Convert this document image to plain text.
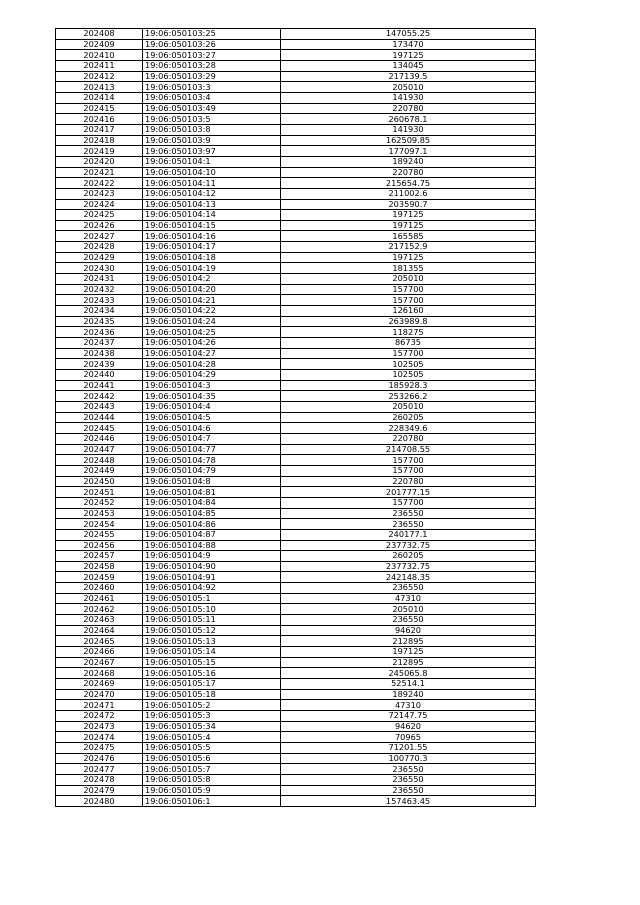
202408	19:06:050103:25	147055.25
202409	19:06:050103:26	173470
202410	19:06:050103:27	197125
202411	19:06:050103:28	134045
202412	19:06:050103:29	217139.5
202413	19:06:050103:3	205010
202414	19:06:050103:4	141930
202415	19:06:050103:49	220780
202416	19:06:050103:5	260678.1
202417	19:06:050103:8	141930
202418	19:06:050103:9	162509.85
202419	19:06:050103:97	177097.1
202420	19:06:050104:1	189240
202421	19:06:050104:10	220780
202422	19:06:050104:11	215654.75
202423	19:06:050104:12	211002.6
202424	19:06:050104:13	203590.7
202425	19:06:050104:14	197125
202426	19:06:050104:15	197125
202427	19:06:050104:16	165585
202428	19:06:050104:17	217152.9
202429	19:06:050104:18	197125
202430	19:06:050104:19	181355
202431	19:06:050104:2	205010
202432	19:06:050104:20	157700
202433	19:06:050104:21	157700
202434	19:06:050104:22	126160
202435	19:06:050104:24	263989.8
202436	19:06:050104:25	118275
202437	19:06:050104:26	86735
202438	19:06:050104:27	157700
202439	19:06:050104:28	102505
202440	19:06:050104:29	102505
202441	19:06:050104:3	185928.3
202442	19:06:050104:35	253266.2
202443	19:06:050104:4	205010
202444	19:06:050104:5	260205
202445	19:06:050104:6	228349.6
202446	19:06:050104:7	220780
202447	19:06:050104:77	214708.55
202448	19:06:050104:78	157700
202449	19:06:050104:79	157700
202450	19:06:050104:8	220780
202451	19:06:050104:81	201777.15
202452	19:06:050104:84	157700
202453	19:06:050104:85	236550
202454	19:06:050104:86	236550
202455	19:06:050104:87	240177.1
202456	19:06:050104:88	237732.75
202457	19:06:050104:9	260205
202458	19:06:050104:90	237732.75
202459	19:06:050104:91	242148.35
202460	19:06:050104:92	236550
202461	19:06:050105:1	47310
202462	19:06:050105:10	205010
202463	19:06:050105:11	236550
202464	19:06:050105:12	94620
202465	19:06:050105:13	212895
202466	19:06:050105:14	197125
202467	19:06:050105:15	212895
202468	19:06:050105:16	245065.8
202469	19:06:050105:17	52514.1
202470	19:06:050105:18	189240
202471	19:06:050105:2	47310
202472	19:06:050105:3	72147.75
202473	19:06:050105:34	94620
202474	19:06:050105:4	70965
202475	19:06:050105:5	71201.55
202476	19:06:050105:6	100770.3
202477	19:06:050105:7	236550
202478	19:06:050105:8	236550
202479	19:06:050105:9	236550
202480	19:06:050106:1	157463.45
